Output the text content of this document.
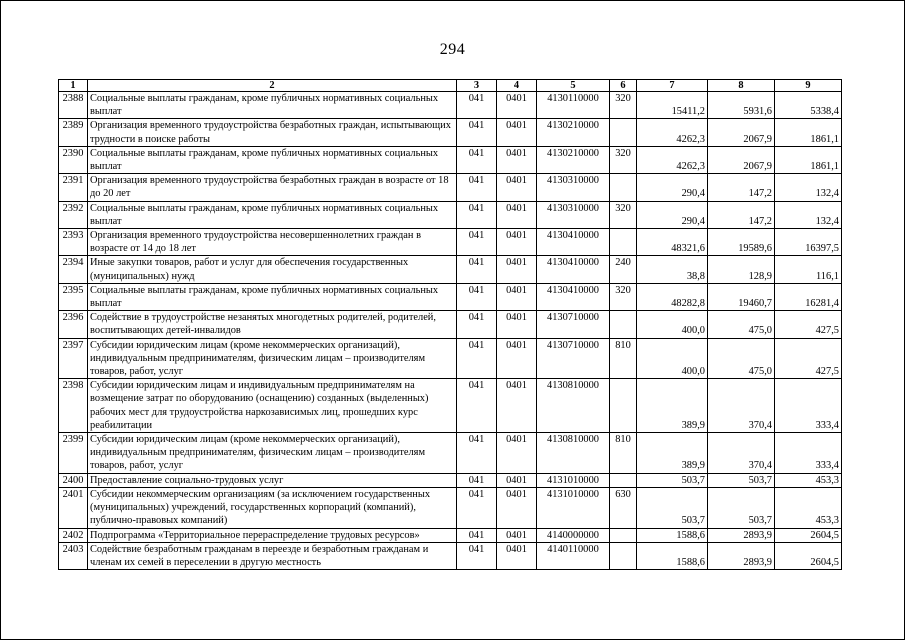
294
1	2	3	4	5	6	7	8	9
2388	Социальные выплаты гражданам, кроме публичных нормативных социальных выплат	041	0401	4130110000	320	15411,2	5931,6	5338,4
2389	Организация временного трудоустройства безработных граждан, испытывающих трудности в поиске работы	041	0401	4130210000		4262,3	2067,9	1861,1
2390	Социальные выплаты гражданам, кроме публичных нормативных социальных выплат	041	0401	4130210000	320	4262,3	2067,9	1861,1
2391	Организация временного трудоустройства безработных граждан в возрасте от 18 до 20 лет	041	0401	4130310000		290,4	147,2	132,4
2392	Социальные выплаты гражданам, кроме публичных нормативных социальных выплат	041	0401	4130310000	320	290,4	147,2	132,4
2393	Организация временного трудоустройства несовершеннолетних граждан в возрасте от 14 до 18 лет	041	0401	4130410000		48321,6	19589,6	16397,5
2394	Иные закупки товаров, работ и услуг для обеспечения государственных (муниципальных) нужд	041	0401	4130410000	240	38,8	128,9	116,1
2395	Социальные выплаты гражданам, кроме публичных нормативных социальных выплат	041	0401	4130410000	320	48282,8	19460,7	16281,4
2396	Содействие в трудоустройстве незанятых многодетных родителей, родителей, воспитывающих детей-инвалидов	041	0401	4130710000		400,0	475,0	427,5
2397	Субсидии юридическим лицам (кроме некоммерческих организаций), индивидуальным предпринимателям, физическим лицам – производителям товаров, работ, услуг	041	0401	4130710000	810	400,0	475,0	427,5
2398	Субсидии юридическим лицам и индивидуальным предпринимателям на возмещение затрат по оборудованию (оснащению) созданных (выделенных) рабочих мест для трудоустройства наркозависимых лиц, прошедших курс реабилитации	041	0401	4130810000		389,9	370,4	333,4
2399	Субсидии юридическим лицам (кроме некоммерческих организаций), индивидуальным предпринимателям, физическим лицам – производителям товаров, работ, услуг	041	0401	4130810000	810	389,9	370,4	333,4
2400	Предоставление социально-трудовых услуг	041	0401	4131010000		503,7	503,7	453,3
2401	Субсидии некоммерческим организациям (за исключением государственных (муниципальных) учреждений, государственных корпораций (компаний), публично-правовых компаний)	041	0401	4131010000	630	503,7	503,7	453,3
2402	Подпрограмма «Территориальное перераспределение трудовых ресурсов»	041	0401	4140000000		1588,6	2893,9	2604,5
2403	Содействие безработным гражданам в переезде и безработным гражданам и членам их семей в переселении в другую местность	041	0401	4140110000		1588,6	2893,9	2604,5
